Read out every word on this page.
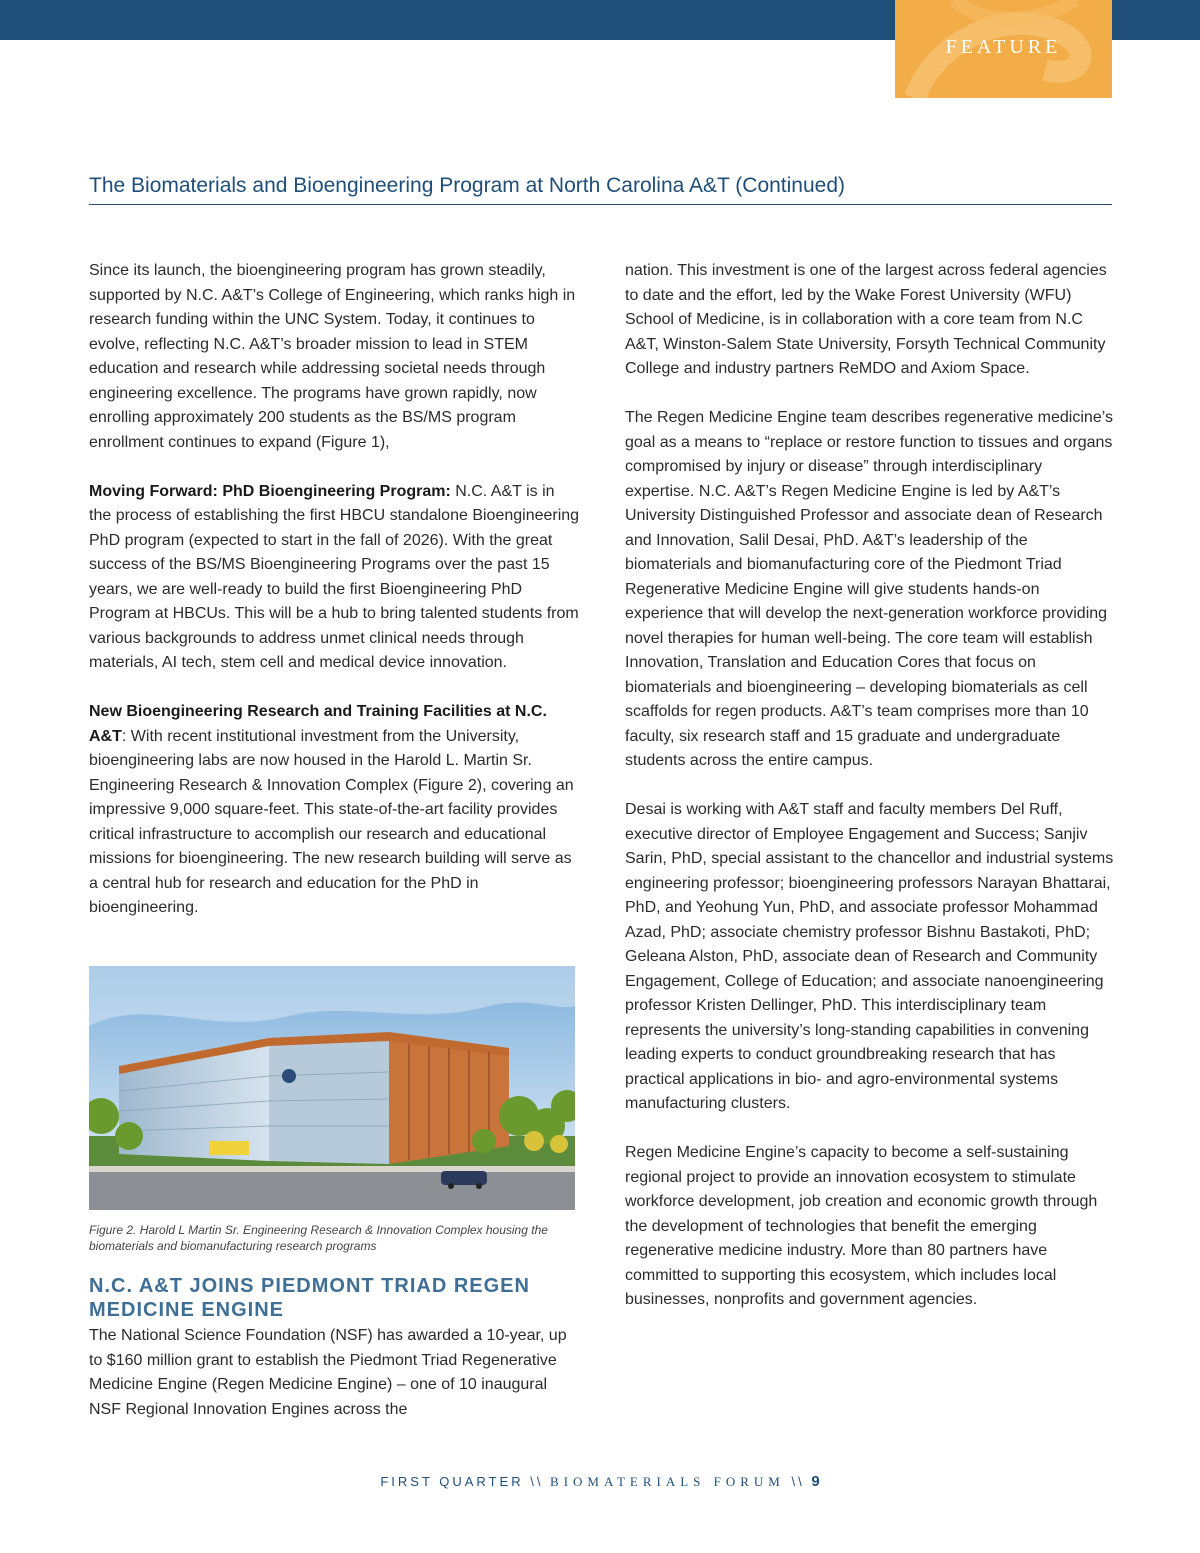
FEATURE
The Biomaterials and Bioengineering Program at North Carolina A&T (Continued)

Since its launch, the bioengineering program has grown steadily, supported by N.C. A&T’s College of Engineering, which ranks high in research funding within the UNC System. Today, it continues to evolve, reflecting N.C. A&T’s broader mission to lead in STEM education and research while addressing societal needs through engineering excellence. The programs have grown rapidly, now enrolling approximately 200 students as the BS/MS program enrollment continues to expand (Figure 1),

Moving Forward: PhD Bioengineering Program: N.C. A&T is in the process of establishing the first HBCU standalone Bioengineering PhD program (expected to start in the fall of 2026). With the great success of the BS/MS Bioengineering Programs over the past 15 years, we are well-ready to build the first Bioengineering PhD Program at HBCUs. This will be a hub to bring talented students from various backgrounds to address unmet clinical needs through materials, AI tech, stem cell and medical device innovation.

New Bioengineering Research and Training Facilities at N.C. A&T: With recent institutional investment from the University, bioengineering labs are now housed in the Harold L. Martin Sr. Engineering Research & Innovation Complex (Figure 2), covering an impressive 9,000 square-feet. This state-of-the-art facility provides critical infrastructure to accomplish our research and educational missions for bioengineering. The new research building will serve as a central hub for research and education for the PhD in bioengineering.

Figure 2. Harold L Martin Sr. Engineering Research & Innovation Complex housing the biomaterials and biomanufacturing research programs
N.C. A&T JOINS PIEDMONT TRIAD REGEN MEDICINE ENGINE

The National Science Foundation (NSF) has awarded a 10-year, up to $160 million grant to establish the Piedmont Triad Regenerative Medicine Engine (Regen Medicine Engine) – one of 10 inaugural NSF Regional Innovation Engines across the

nation. This investment is one of the largest across federal agencies to date and the effort, led by the Wake Forest University (WFU) School of Medicine, is in collaboration with a core team from N.C A&T, Winston-Salem State University, Forsyth Technical Community College and industry partners ReMDO and Axiom Space.

The Regen Medicine Engine team describes regenerative medicine’s goal as a means to “replace or restore function to tissues and organs compromised by injury or disease” through interdisciplinary expertise. N.C. A&T’s Regen Medicine Engine is led by A&T’s University Distinguished Professor and associate dean of Research and Innovation, Salil Desai, PhD. A&T’s leadership of the biomaterials and biomanufacturing core of the Piedmont Triad Regenerative Medicine Engine will give students hands-on experience that will develop the next-generation workforce providing novel therapies for human well-being. The core team will establish Innovation, Translation and Education Cores that focus on biomaterials and bioengineering – developing biomaterials as cell scaffolds for regen products. A&T’s team comprises more than 10 faculty, six research staff and 15 graduate and undergraduate students across the entire campus.

Desai is working with A&T staff and faculty members Del Ruff, executive director of Employee Engagement and Success; Sanjiv Sarin, PhD, special assistant to the chancellor and industrial systems engineering professor; bioengineering professors Narayan Bhattarai, PhD, and Yeohung Yun, PhD, and associate professor Mohammad Azad, PhD; associate chemistry professor Bishnu Bastakoti, PhD; Geleana Alston, PhD, associate dean of Research and Community Engagement, College of Education; and associate nanoengineering professor Kristen Dellinger, PhD. This interdisciplinary team represents the university’s long-standing capabilities in convening leading experts to conduct groundbreaking research that has practical applications in bio- and agro-environmental systems manufacturing clusters.

Regen Medicine Engine’s capacity to become a self-sustaining regional project to provide an innovation ecosystem to stimulate workforce development, job creation and economic growth through the development of technologies that benefit the emerging regenerative medicine industry. More than 80 partners have committed to supporting this ecosystem, which includes local businesses, nonprofits and government agencies.

FIRST QUARTER \\ BIOMATERIALS FORUM \\ 9
